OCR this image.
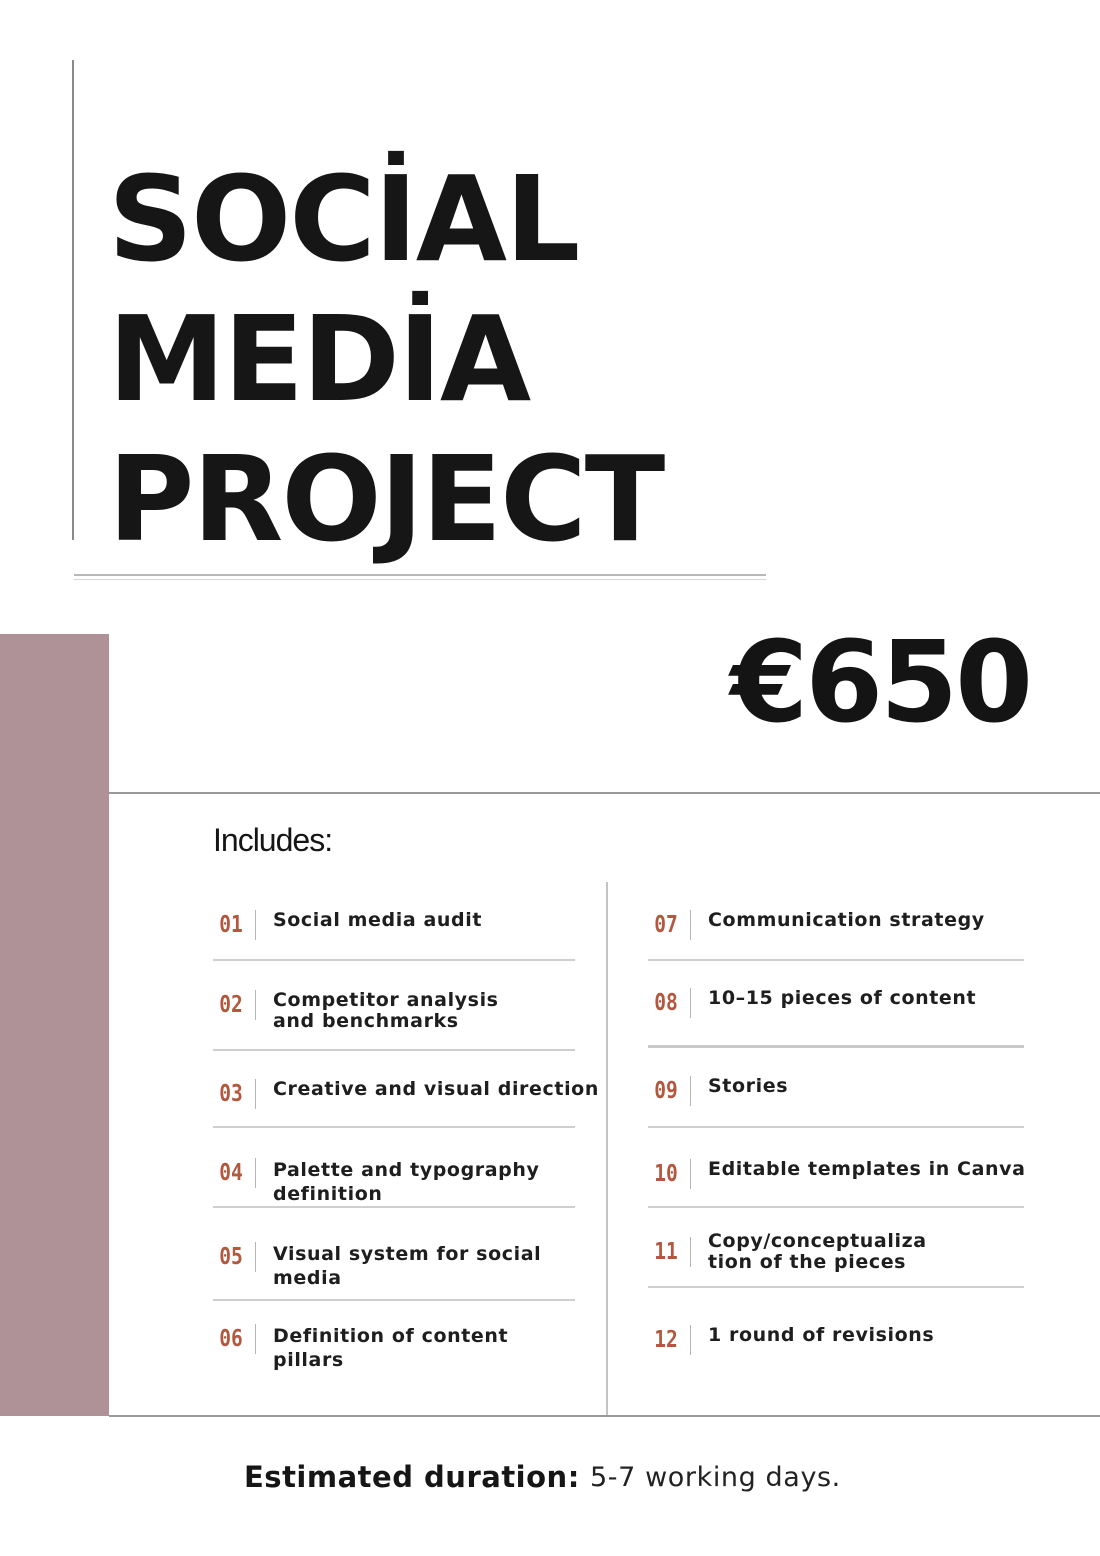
SOCİAL
MEDİA
PROJECT
€650
Includes:
01 Social media audit
02 Competitor analysis
and benchmarks
03 Creative and visual direction
04 Palette and typography
definition
05 Visual system for social
media
06 Definition of content
pillars
07 Communication strategy
08 10–15 pieces of content
09 Stories
10 Editable templates in Canva
11 Copy/conceptualiza
tion of the pieces
12 1 round of revisions
Estimated duration: 5-7 working days.
